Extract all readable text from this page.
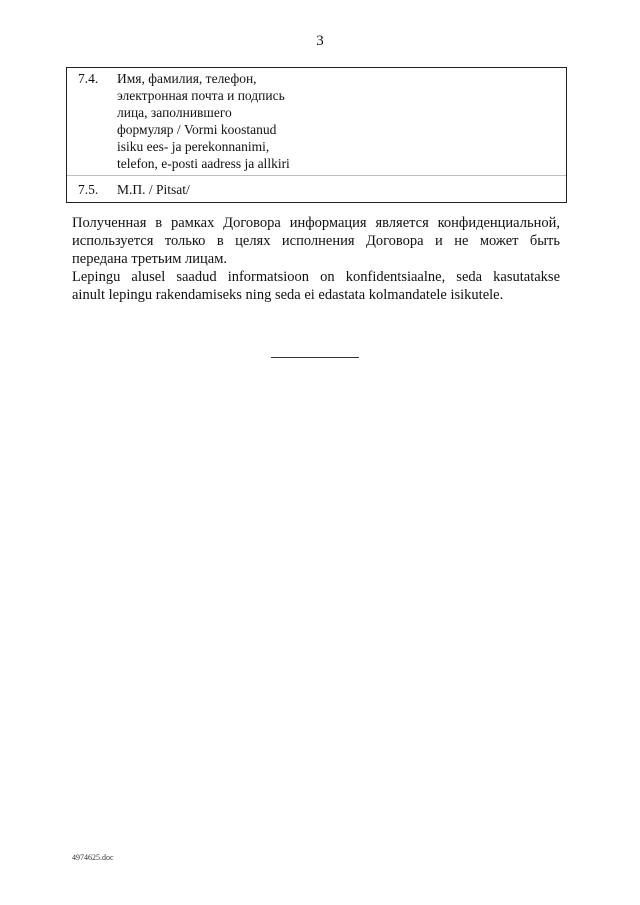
3
7.4. Имя, фамилия, телефон,
электронная почта и подпись
лица, заполнившего
формуляр / Vormi koostanud
isiku ees- ja perekonnanimi,
telefon, e-posti aadress ja allkiri
7.5. М.П. / Pitsat/

Полученная в рамках Договора информация является конфиденциальной,
используется только в целях исполнения Договора и не может быть
передана третьим лицам.

Lepingu alusel saadud informatsioon on konfidentsiaalne, seda kasutatakse
ainult lepingu rakendamiseks ning seda ei edastata kolmandatele isikutele.

4974625.doc
